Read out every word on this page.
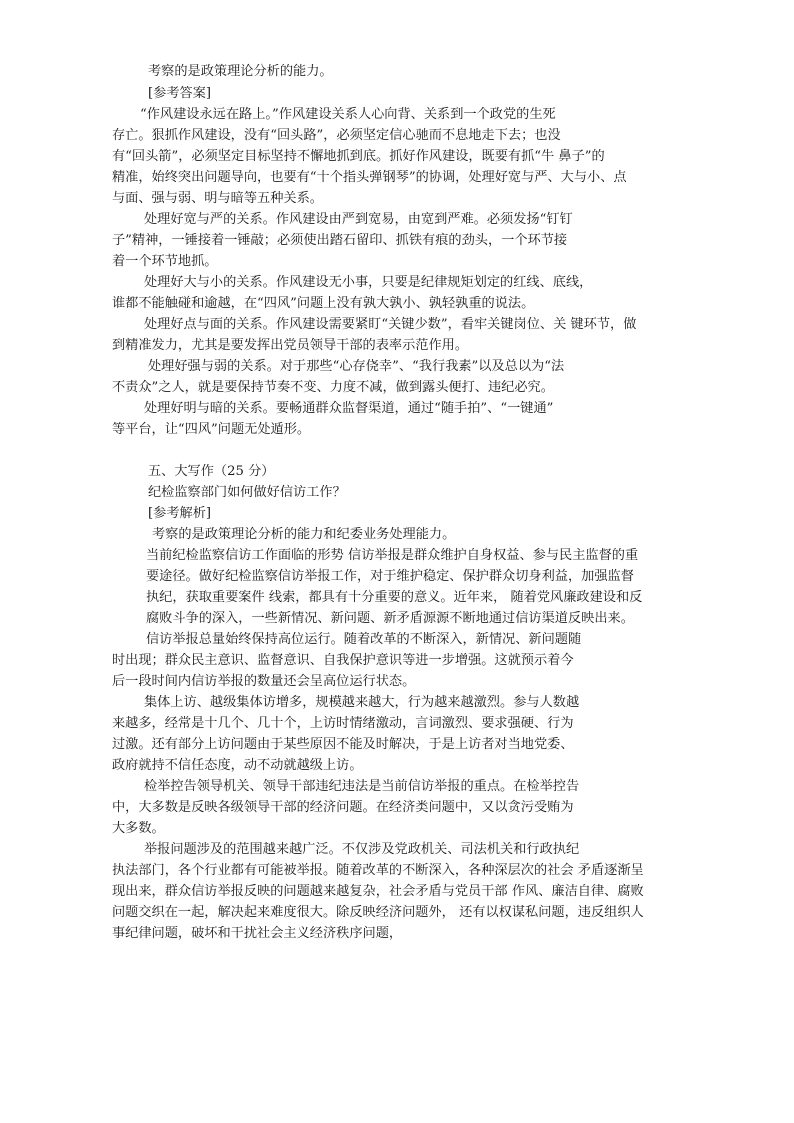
考察的是政策理论分析的能力。
[参考答案]
“作风建设永远在路上。”作风建设关系人心向背、关系到一个政党的生死
存亡。狠抓作风建设，没有“回头路”，必须坚定信心驰而不息地走下去；也没
有“回头箭”，必须坚定目标坚持不懈地抓到底。抓好作风建设，既要有抓“牛 鼻子”的
精准，始终突出问题导向，也要有“十个指头弹钢琴”的协调，处理好宽与严、大与小、点
与面、强与弱、明与暗等五种关系。
处理好宽与严的关系。作风建设由严到宽易，由宽到严难。必须发扬“钉钉
子”精神，一锤接着一锤敲；必须使出踏石留印、抓铁有痕的劲头，一个环节接
着一个环节地抓。
处理好大与小的关系。作风建设无小事，只要是纪律规矩划定的红线、底线，
谁都不能触碰和逾越，在“四风”问题上没有孰大孰小、孰轻孰重的说法。
处理好点与面的关系。作风建设需要紧盯“关键少数”，看牢关键岗位、关 键环节，做
到精准发力，尤其是要发挥出党员领导干部的表率示范作用。
处理好强与弱的关系。对于那些“心存侥幸”、“我行我素”以及总以为“法
不责众”之人，就是要保持节奏不变、力度不减，做到露头便打、违纪必究。
处理好明与暗的关系。要畅通群众监督渠道，通过“随手拍”、“一键通”
等平台，让“四风”问题无处遁形。
五、大写作（25 分）
纪检监察部门如何做好信访工作？
[参考解析]
考察的是政策理论分析的能力和纪委业务处理能力。
当前纪检监察信访工作面临的形势 信访举报是群众维护自身权益、参与民主监督的重
要途径。做好纪检监察信访举报工作，对于维护稳定、保护群众切身利益，加强监督
执纪，获取重要案件 线索，都具有十分重要的意义。近年来， 随着党风廉政建设和反
腐败斗争的深入，一些新情况、新问题、新矛盾源源不断地通过信访渠道反映出来。
信访举报总量始终保持高位运行。随着改革的不断深入，新情况、新问题随
时出现；群众民主意识、监督意识、自我保护意识等进一步增强。这就预示着今
后一段时间内信访举报的数量还会呈高位运行状态。
集体上访、越级集体访增多，规模越来越大，行为越来越激烈。参与人数越
来越多，经常是十几个、几十个，上访时情绪激动，言词激烈、要求强硬、行为
过激。还有部分上访问题由于某些原因不能及时解决，于是上访者对当地党委、
政府就持不信任态度，动不动就越级上访。
检举控告领导机关、领导干部违纪违法是当前信访举报的重点。在检举控告
中，大多数是反映各级领导干部的经济问题。在经济类问题中，又以贪污受贿为
大多数。
举报问题涉及的范围越来越广泛。不仅涉及党政机关、司法机关和行政执纪
执法部门，各个行业都有可能被举报。随着改革的不断深入，各种深层次的社会 矛盾逐渐呈
现出来，群众信访举报反映的问题越来越复杂，社会矛盾与党员干部 作风、廉洁自律、腐败
问题交织在一起，解决起来难度很大。除反映经济问题外， 还有以权谋私问题，违反组织人
事纪律问题，破坏和干扰社会主义经济秩序问题，
